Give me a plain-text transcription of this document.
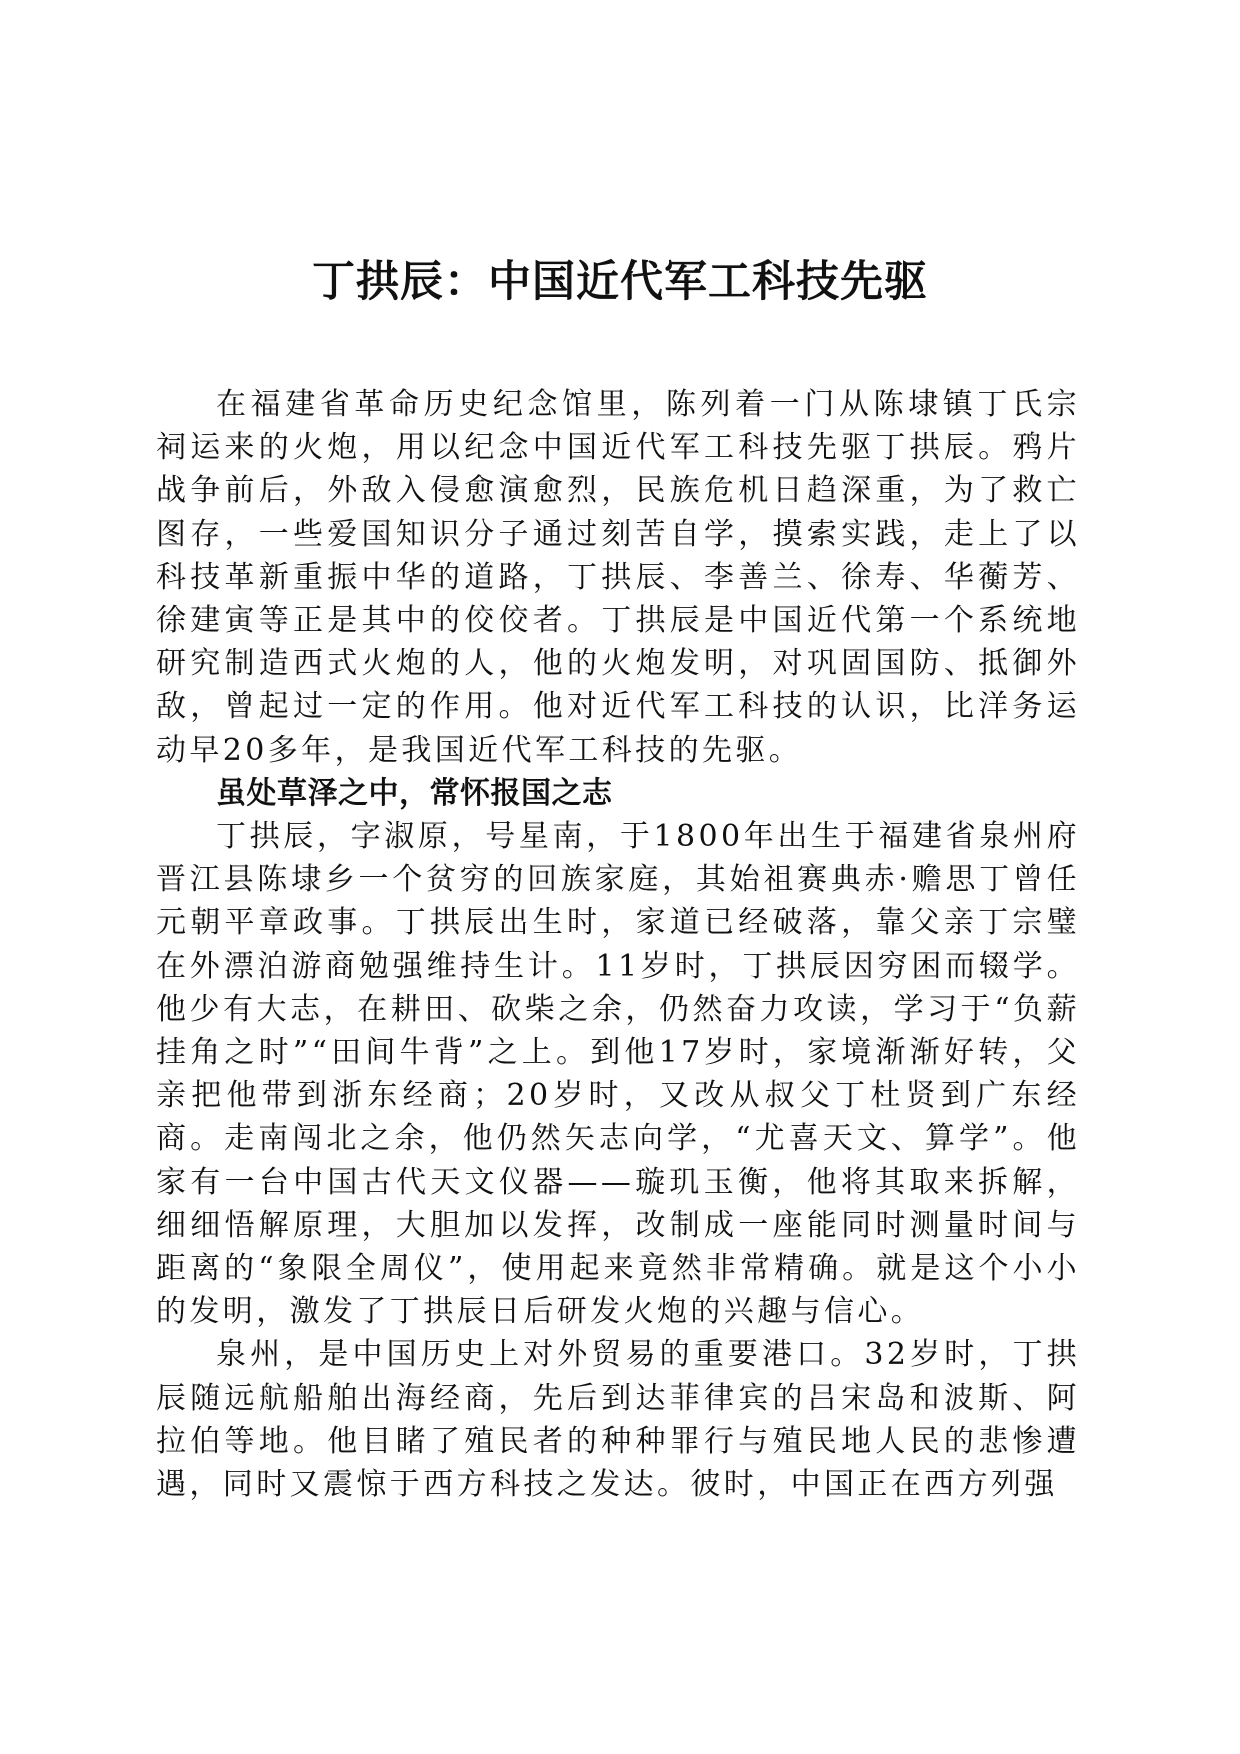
丁拱辰：中国近代军工科技先驱

在福建省革命历史纪念馆里，陈列着一门从陈埭镇丁氏宗祠运来的火炮，用以纪念中国近代军工科技先驱丁拱辰。鸦片战争前后，外敌入侵愈演愈烈，民族危机日趋深重，为了救亡图存，一些爱国知识分子通过刻苦自学，摸索实践，走上了以科技革新重振中华的道路，丁拱辰、李善兰、徐寿、华蘅芳、徐建寅等正是其中的佼佼者。丁拱辰是中国近代第一个系统地研究制造西式火炮的人，他的火炮发明，对巩固国防、抵御外敌，曾起过一定的作用。他对近代军工科技的认识，比洋务运动早20多年，是我国近代军工科技的先驱。

虽处草泽之中，常怀报国之志

丁拱辰，字淑原，号星南，于1800年出生于福建省泉州府晋江县陈埭乡一个贫穷的回族家庭，其始祖赛典赤·赡思丁曾任元朝平章政事。丁拱辰出生时，家道已经破落，靠父亲丁宗璧在外漂泊游商勉强维持生计。11岁时，丁拱辰因穷困而辍学。他少有大志，在耕田、砍柴之余，仍然奋力攻读，学习于“负薪挂角之时”“田间牛背”之上。到他17岁时，家境渐渐好转，父亲把他带到浙东经商；20岁时，又改从叔父丁杜贤到广东经商。走南闯北之余，他仍然矢志向学，“尤喜天文、算学”。他家有一台中国古代天文仪器——璇玑玉衡，他将其取来拆解，细细悟解原理，大胆加以发挥，改制成一座能同时测量时间与距离的“象限全周仪”，使用起来竟然非常精确。就是这个小小的发明，激发了丁拱辰日后研发火炮的兴趣与信心。

泉州，是中国历史上对外贸易的重要港口。32岁时，丁拱辰随远航船舶出海经商，先后到达菲律宾的吕宋岛和波斯、阿拉伯等地。他目睹了殖民者的种种罪行与殖民地人民的悲惨遭遇，同时又震惊于西方科技之发达。彼时，中国正在西方列强
